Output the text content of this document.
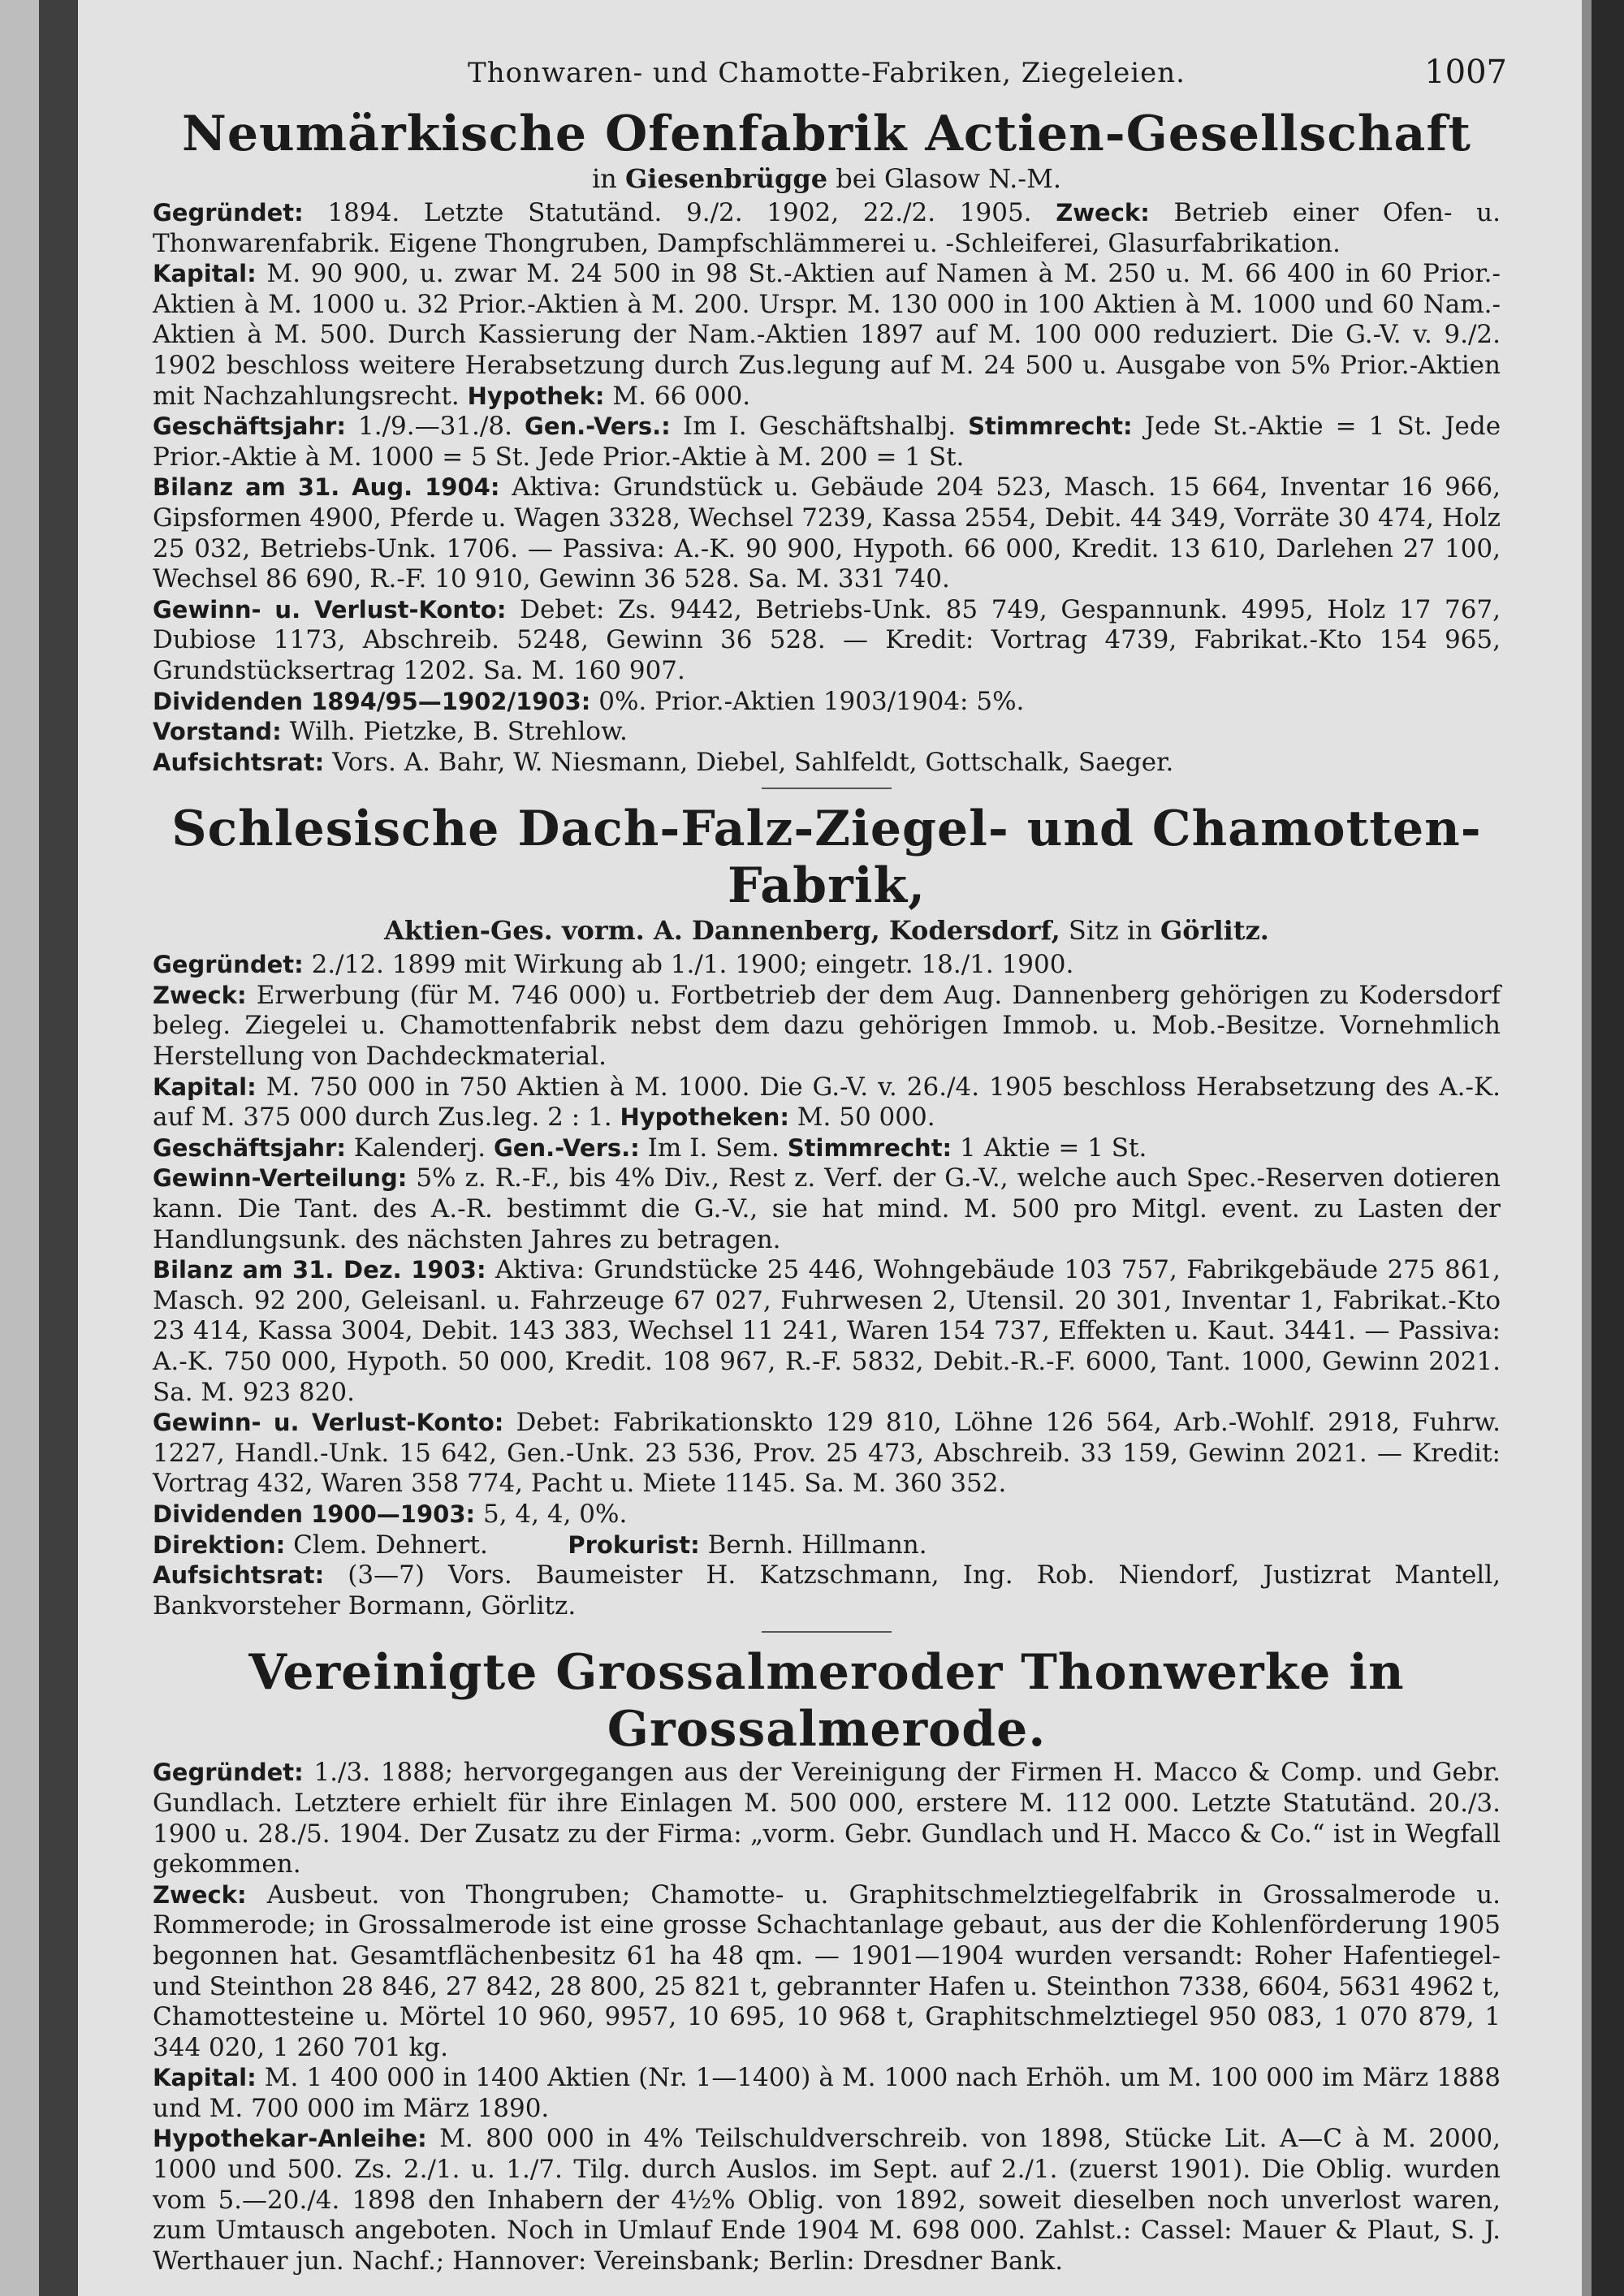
Thonwaren- und Chamotte-Fabriken, Ziegeleien.	1007
Neumärkische Ofenfabrik Actien-Gesellschaft
in Giesenbrügge bei Glasow N.-M.

Gegründet: 1894. Letzte Statutänd. 9./2. 1902, 22./2. 1905. Zweck: Betrieb einer Ofen- u. Thonwarenfabrik. Eigene Thongruben, Dampfschlämmerei u. -Schleiferei, Glasurfabrikation.

Kapital: M. 90 900, u. zwar M. 24 500 in 98 St.-Aktien auf Namen à M. 250 u. M. 66 400 in 60 Prior.-Aktien à M. 1000 u. 32 Prior.-Aktien à M. 200. Urspr. M. 130 000 in 100 Aktien à M. 1000 und 60 Nam.-Aktien à M. 500. Durch Kassierung der Nam.-Aktien 1897 auf M. 100 000 reduziert. Die G.-V. v. 9./2. 1902 beschloss weitere Herabsetzung durch Zus.legung auf M. 24 500 u. Ausgabe von 5% Prior.-Aktien mit Nachzahlungsrecht. Hypothek: M. 66 000.

Geschäftsjahr: 1./9.—31./8. Gen.-Vers.: Im I. Geschäftshalbj. Stimmrecht: Jede St.-Aktie = 1 St. Jede Prior.-Aktie à M. 1000 = 5 St. Jede Prior.-Aktie à M. 200 = 1 St.

Bilanz am 31. Aug. 1904: Aktiva: Grundstück u. Gebäude 204 523, Masch. 15 664, Inventar 16 966, Gipsformen 4900, Pferde u. Wagen 3328, Wechsel 7239, Kassa 2554, Debit. 44 349, Vorräte 30 474, Holz 25 032, Betriebs-Unk. 1706. — Passiva: A.-K. 90 900, Hypoth. 66 000, Kredit. 13 610, Darlehen 27 100, Wechsel 86 690, R.-F. 10 910, Gewinn 36 528. Sa. M. 331 740.

Gewinn- u. Verlust-Konto: Debet: Zs. 9442, Betriebs-Unk. 85 749, Gespannunk. 4995, Holz 17 767, Dubiose 1173, Abschreib. 5248, Gewinn 36 528. — Kredit: Vortrag 4739, Fabrikat.-Kto 154 965, Grundstücksertrag 1202. Sa. M. 160 907.

Dividenden 1894/95—1902/1903: 0%. Prior.-Aktien 1903/1904: 5%.

Vorstand: Wilh. Pietzke, B. Strehlow.

Aufsichtsrat: Vors. A. Bahr, W. Niesmann, Diebel, Sahlfeldt, Gottschalk, Saeger.

Schlesische Dach-Falz-Ziegel- und Chamotten-Fabrik,
Aktien-Ges. vorm. A. Dannenberg, Kodersdorf, Sitz in Görlitz.

Gegründet: 2./12. 1899 mit Wirkung ab 1./1. 1900; eingetr. 18./1. 1900.

Zweck: Erwerbung (für M. 746 000) u. Fortbetrieb der dem Aug. Dannenberg gehörigen zu Kodersdorf beleg. Ziegelei u. Chamottenfabrik nebst dem dazu gehörigen Immob. u. Mob.-Besitze. Vornehmlich Herstellung von Dachdeckmaterial.

Kapital: M. 750 000 in 750 Aktien à M. 1000. Die G.-V. v. 26./4. 1905 beschloss Herabsetzung des A.-K. auf M. 375 000 durch Zus.leg. 2 : 1. Hypotheken: M. 50 000.

Geschäftsjahr: Kalenderj. Gen.-Vers.: Im I. Sem. Stimmrecht: 1 Aktie = 1 St.

Gewinn-Verteilung: 5% z. R.-F., bis 4% Div., Rest z. Verf. der G.-V., welche auch Spec.-Reserven dotieren kann. Die Tant. des A.-R. bestimmt die G.-V., sie hat mind. M. 500 pro Mitgl. event. zu Lasten der Handlungsunk. des nächsten Jahres zu betragen.

Bilanz am 31. Dez. 1903: Aktiva: Grundstücke 25 446, Wohngebäude 103 757, Fabrikgebäude 275 861, Masch. 92 200, Geleisanl. u. Fahrzeuge 67 027, Fuhrwesen 2, Utensil. 20 301, Inventar 1, Fabrikat.-Kto 23 414, Kassa 3004, Debit. 143 383, Wechsel 11 241, Waren 154 737, Effekten u. Kaut. 3441. — Passiva: A.-K. 750 000, Hypoth. 50 000, Kredit. 108 967, R.-F. 5832, Debit.-R.-F. 6000, Tant. 1000, Gewinn 2021. Sa. M. 923 820.

Gewinn- u. Verlust-Konto: Debet: Fabrikationskto 129 810, Löhne 126 564, Arb.-Wohlf. 2918, Fuhrw. 1227, Handl.-Unk. 15 642, Gen.-Unk. 23 536, Prov. 25 473, Abschreib. 33 159, Gewinn 2021. — Kredit: Vortrag 432, Waren 358 774, Pacht u. Miete 1145. Sa. M. 360 352.

Dividenden 1900—1903: 5, 4, 4, 0%.

Direktion: Clem. Dehnert.	Prokurist: Bernh. Hillmann.

Aufsichtsrat: (3—7) Vors. Baumeister H. Katzschmann, Ing. Rob. Niendorf, Justizrat Mantell, Bankvorsteher Bormann, Görlitz.

Vereinigte Grossalmeroder Thonwerke in Grossalmerode.

Gegründet: 1./3. 1888; hervorgegangen aus der Vereinigung der Firmen H. Macco & Comp. und Gebr. Gundlach. Letztere erhielt für ihre Einlagen M. 500 000, erstere M. 112 000. Letzte Statutänd. 20./3. 1900 u. 28./5. 1904. Der Zusatz zu der Firma: „vorm. Gebr. Gundlach und H. Macco & Co.“ ist in Wegfall gekommen.

Zweck: Ausbeut. von Thongruben; Chamotte- u. Graphitschmelztiegelfabrik in Grossalmerode u. Rommerode; in Grossalmerode ist eine grosse Schachtanlage gebaut, aus der die Kohlenförderung 1905 begonnen hat. Gesamtflächenbesitz 61 ha 48 qm. — 1901—1904 wurden versandt: Roher Hafentiegel- und Steinthon 28 846, 27 842, 28 800, 25 821 t, gebrannter Hafen u. Steinthon 7338, 6604, 5631 4962 t, Chamottesteine u. Mörtel 10 960, 9957, 10 695, 10 968 t, Graphitschmelztiegel 950 083, 1 070 879, 1 344 020, 1 260 701 kg.

Kapital: M. 1 400 000 in 1400 Aktien (Nr. 1—1400) à M. 1000 nach Erhöh. um M. 100 000 im März 1888 und M. 700 000 im März 1890.

Hypothekar-Anleihe: M. 800 000 in 4% Teilschuldverschreib. von 1898, Stücke Lit. A—C à M. 2000, 1000 und 500. Zs. 2./1. u. 1./7. Tilg. durch Auslos. im Sept. auf 2./1. (zuerst 1901). Die Oblig. wurden vom 5.—20./4. 1898 den Inhabern der 4½% Oblig. von 1892, soweit dieselben noch unverlost waren, zum Umtausch angeboten. Noch in Umlauf Ende 1904 M. 698 000. Zahlst.: Cassel: Mauer & Plaut, S. J. Werthauer jun. Nachf.; Hannover: Vereinsbank; Berlin: Dresdner Bank.
